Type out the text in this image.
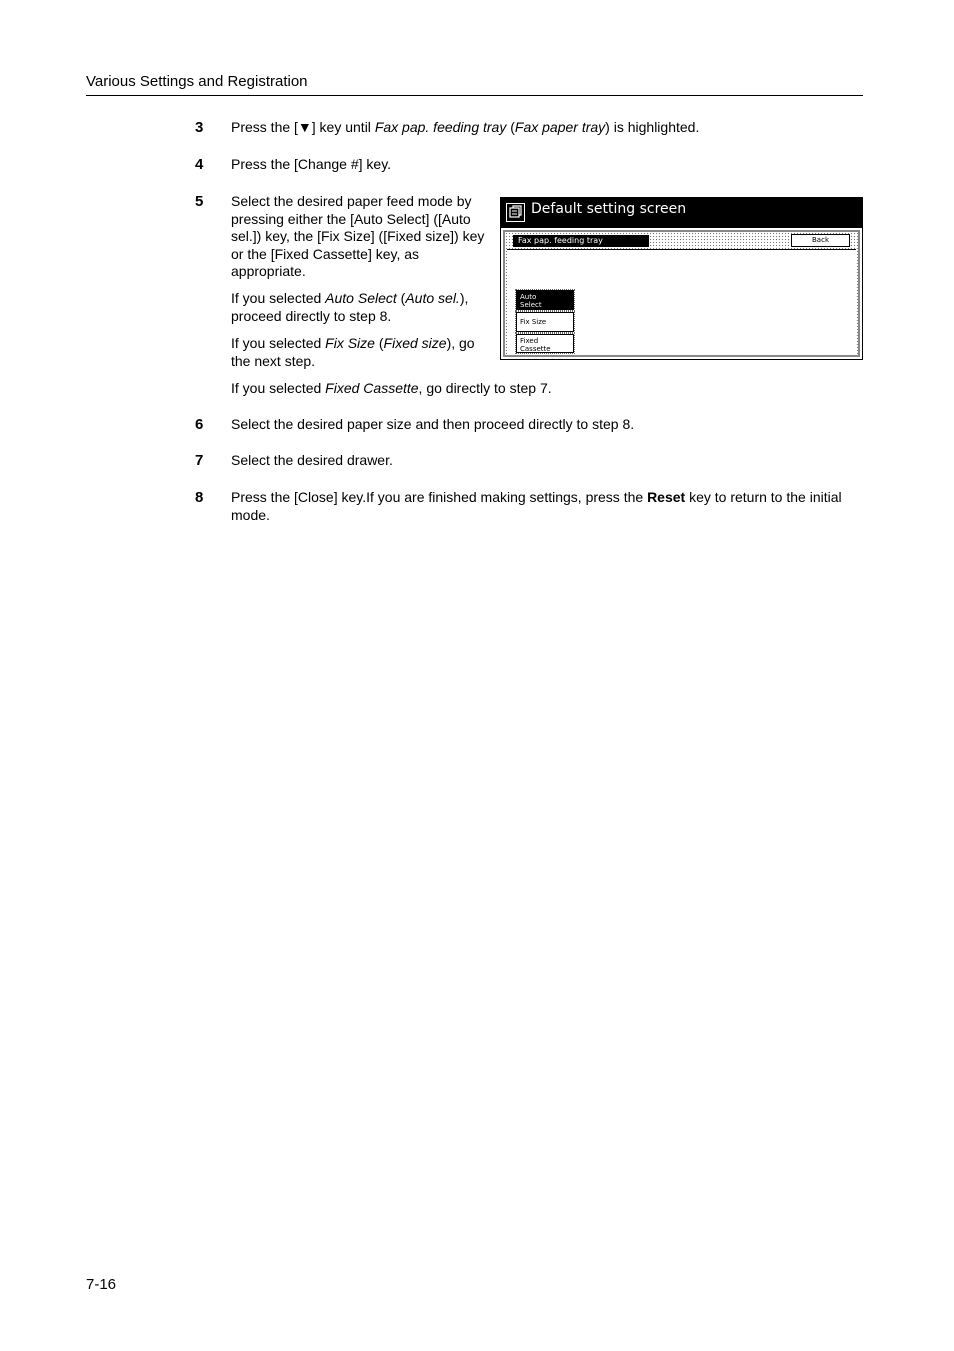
Various Settings and Registration
3 Press the [▼] key until Fax pap. feeding tray (Fax paper tray) is highlighted.
4 Press the [Change #] key.
5 Select the desired paper feed mode by pressing either the [Auto Select] ([Auto sel.]) key, the [Fix Size] ([Fixed size]) key or the [Fixed Cassette] key, as appropriate.
If you selected Auto Select (Auto sel.), proceed directly to step 8.
If you selected Fix Size (Fixed size), go the next step.
If you selected Fixed Cassette, go directly to step 7.
Default setting screen
Fax pap. feeding tray	Back
Auto
Select
Fix Size
Fixed
Cassette
6 Select the desired paper size and then proceed directly to step 8.
7 Select the desired drawer.
8 Press the [Close] key.If you are finished making settings, press the Reset key to return to the initial mode.
7-16
